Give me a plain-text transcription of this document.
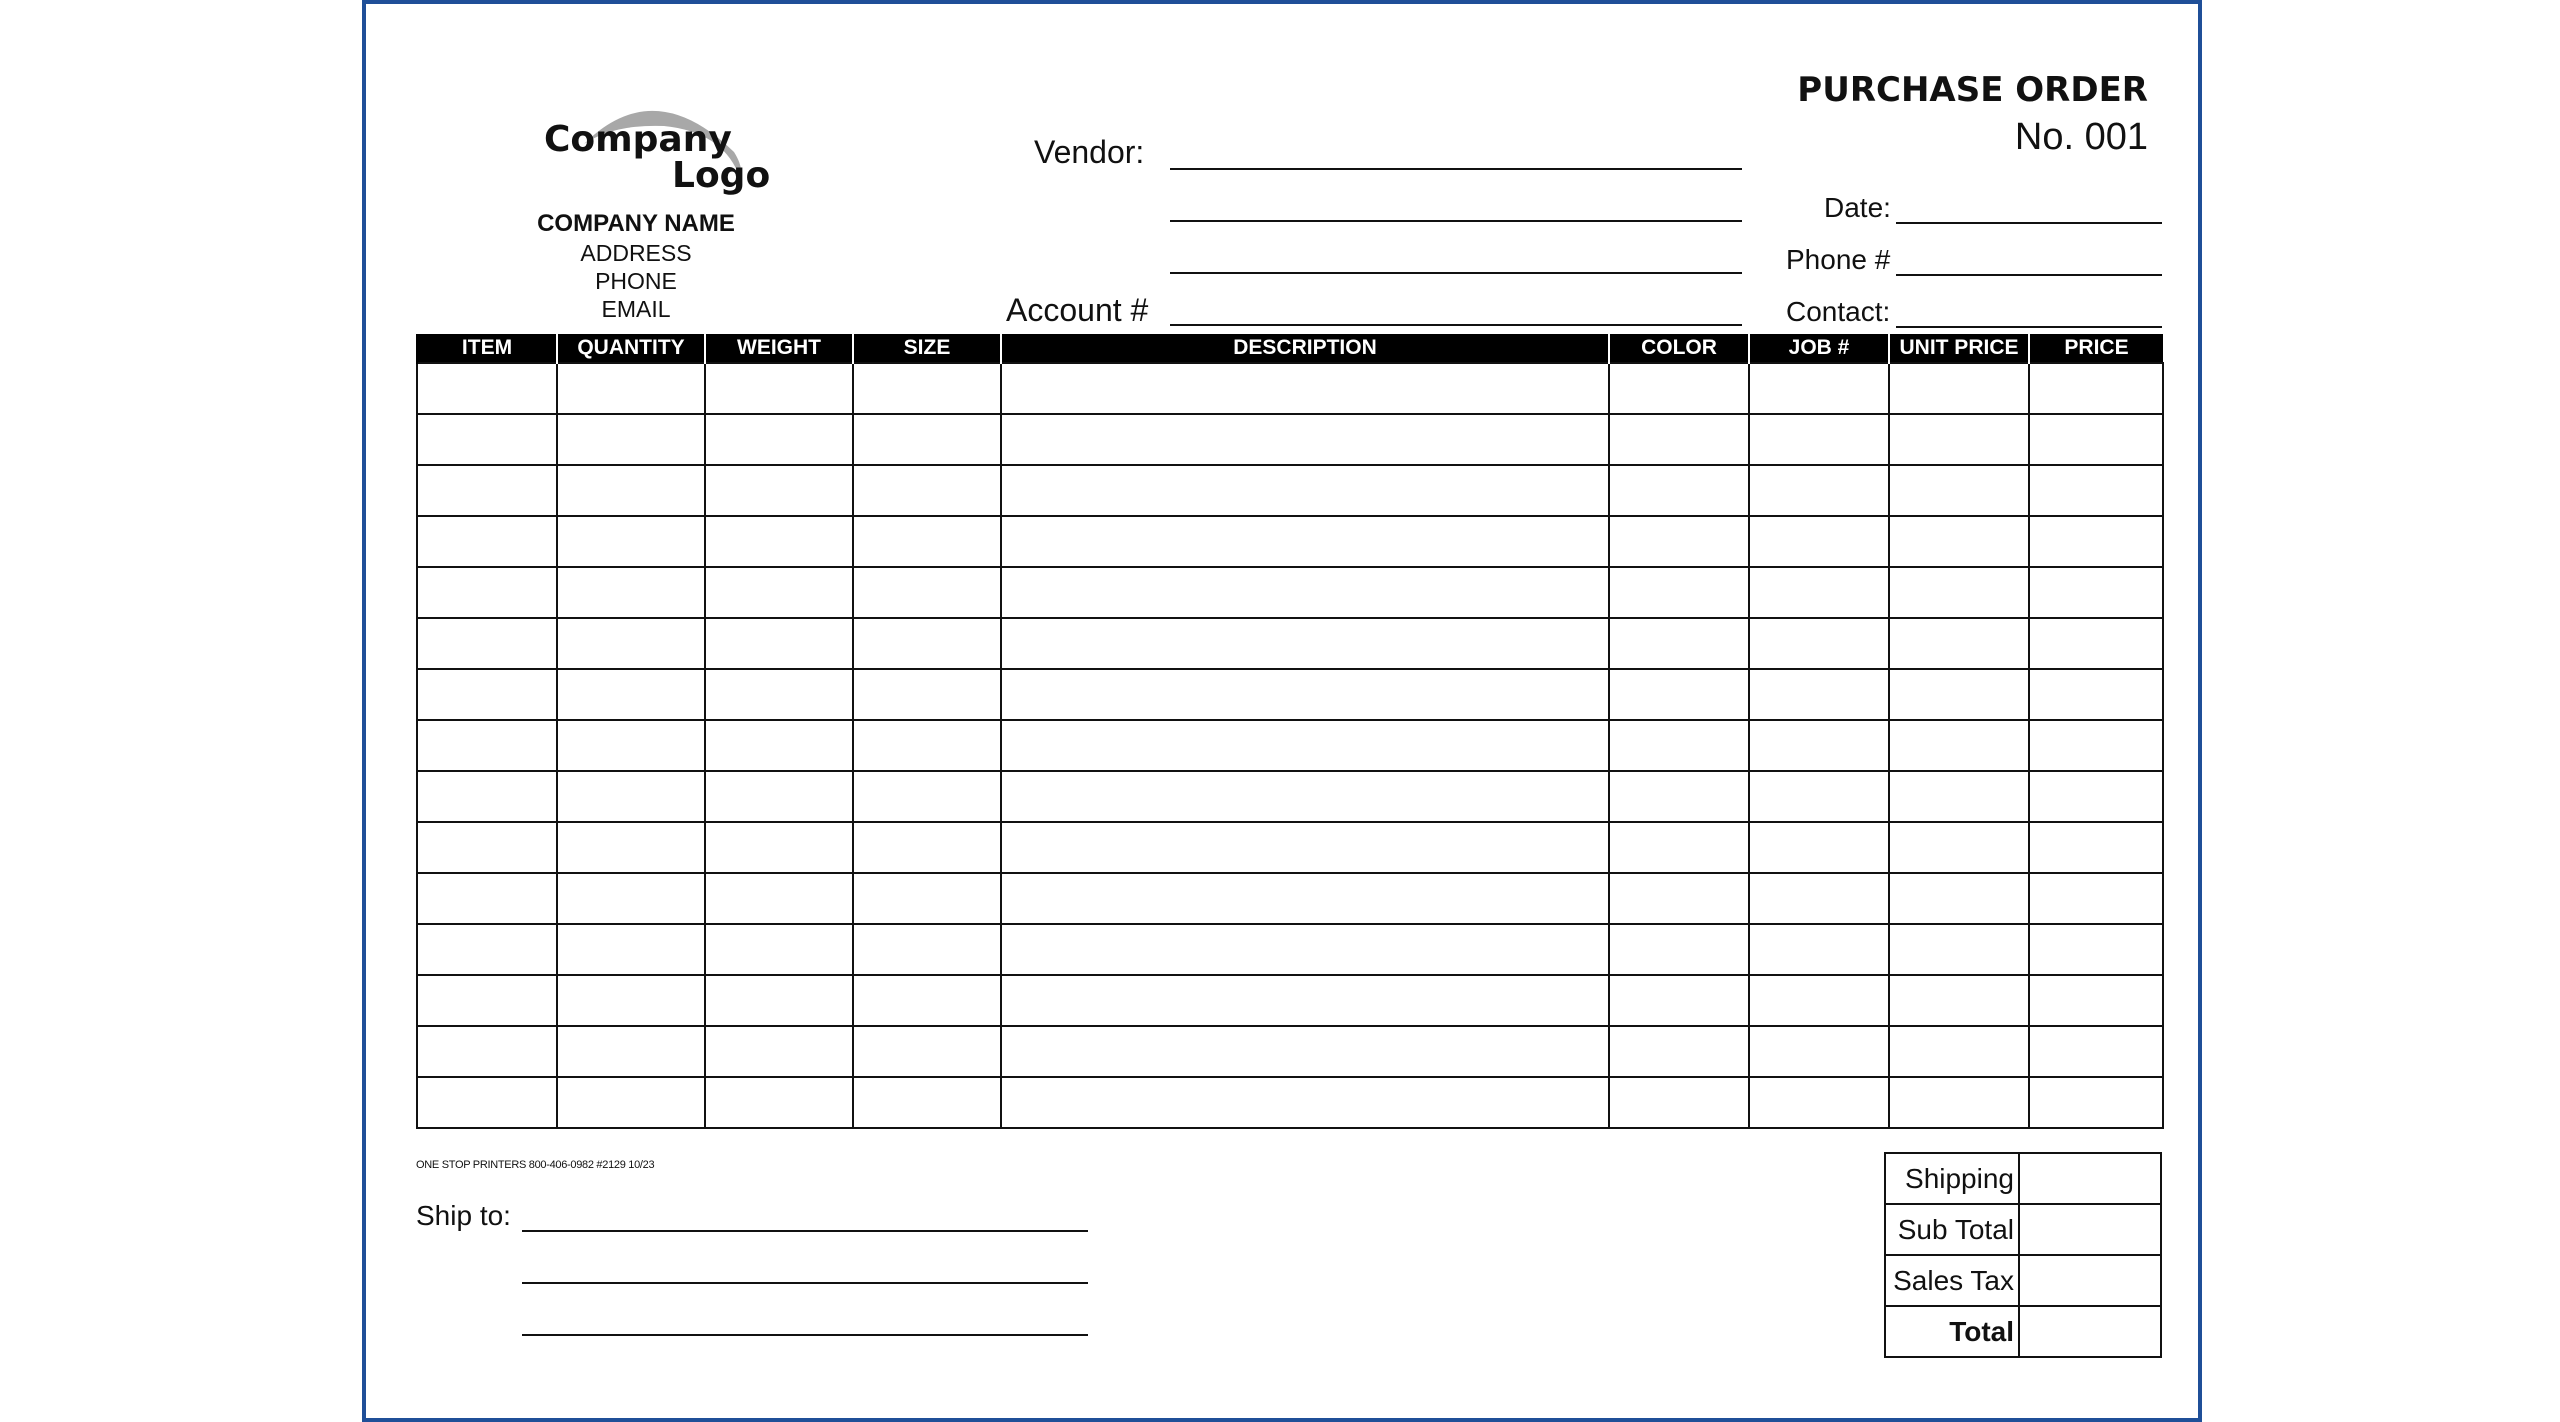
Company
Logo
COMPANY NAME
ADDRESS
PHONE
EMAIL
Vendor:
Account #
PURCHASE ORDER
No. 001
Date:
Phone #
Contact:
ITEM	QUANTITY	WEIGHT	SIZE	DESCRIPTION	COLOR	JOB #	UNIT PRICE	PRICE

ONE STOP PRINTERS 800-406-0982 #2129 10/23
Ship to:
Shipping	
Sub Total	
Sales Tax	
Total	
